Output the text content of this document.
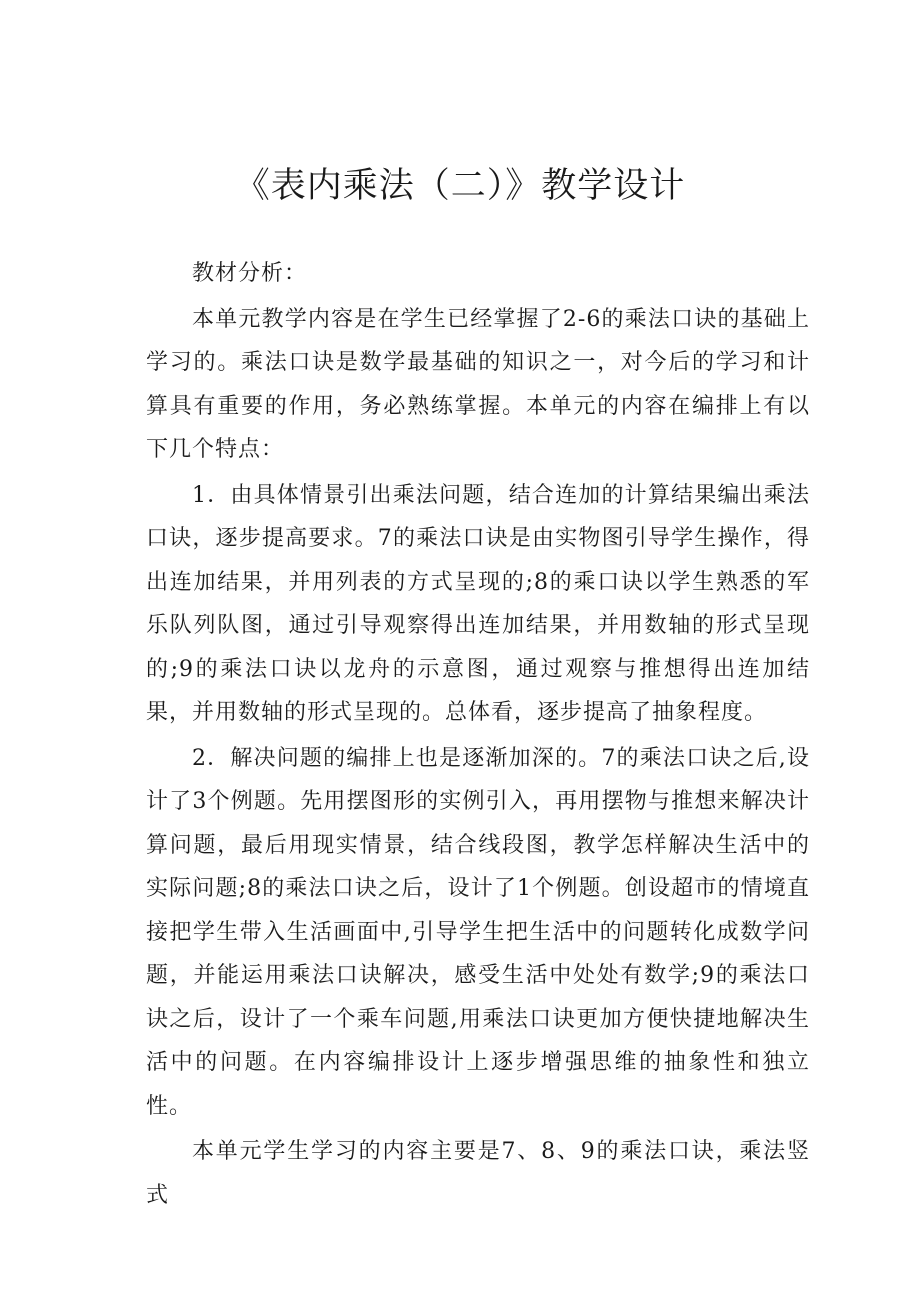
《表内乘法（二）》教学设计

教材分析：

本单元教学内容是在学生已经掌握了2-6的乘法口诀的基础上学习的。乘法口诀是数学最基础的知识之一，对今后的学习和计算具有重要的作用，务必熟练掌握。本单元的内容在编排上有以下几个特点：

1．由具体情景引出乘法问题，结合连加的计算结果编出乘法口诀，逐步提高要求。7的乘法口诀是由实物图引导学生操作，得出连加结果，并用列表的方式呈现的;8的乘口诀以学生熟悉的军乐队列队图，通过引导观察得出连加结果，并用数轴的形式呈现的;9的乘法口诀以龙舟的示意图，通过观察与推想得出连加结果，并用数轴的形式呈现的。总体看，逐步提高了抽象程度。

2．解决问题的编排上也是逐渐加深的。7的乘法口诀之后,设计了3个例题。先用摆图形的实例引入，再用摆物与推想来解决计算问题，最后用现实情景，结合线段图，教学怎样解决生活中的实际问题;8的乘法口诀之后，设计了1个例题。创设超市的情境直接把学生带入生活画面中,引导学生把生活中的问题转化成数学问题，并能运用乘法口诀解决，感受生活中处处有数学;9的乘法口诀之后，设计了一个乘车问题,用乘法口诀更加方便快捷地解决生活中的问题。在内容编排设计上逐步增强思维的抽象性和独立性。

本单元学生学习的内容主要是7、8、9的乘法口诀，乘法竖式
